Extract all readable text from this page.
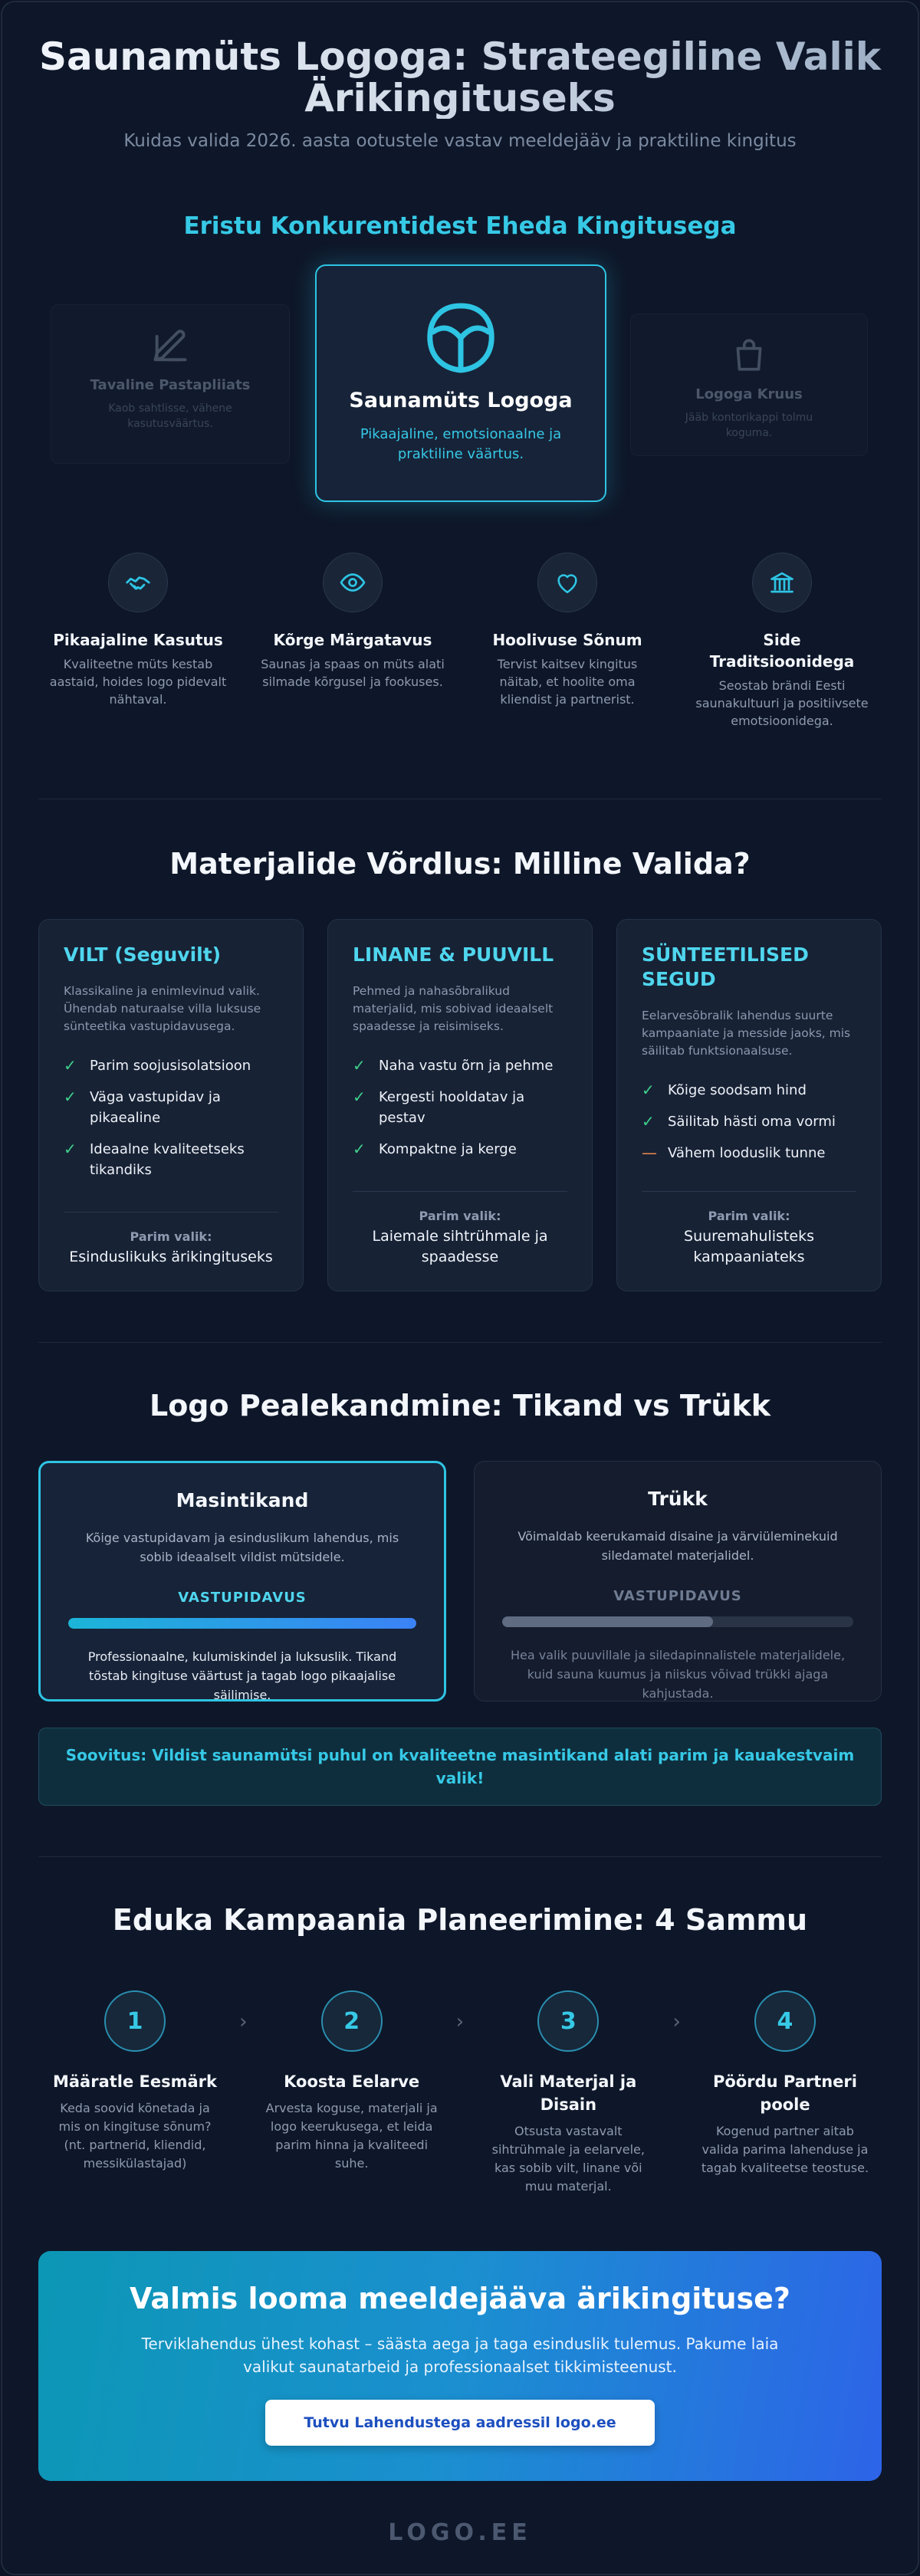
Saunamüts Logoga: Strateegiline Valik Ärikingituseks

Kuidas valida 2026. aasta ootustele vastav meeldejääv ja praktiline kingitus

Eristu Konkurentidest Eheda Kingitusega
Tavaline Pastapliiats
Kaob sahtlisse, vähene kasutusväärtus.
Saunamüts Logoga
Pikaajaline, emotsionaalne ja praktiline väärtus.
Logoga Kruus
Jääb kontorikappi tolmu koguma.
Pikaajaline Kasutus
Kvaliteetne müts kestab aastaid, hoides logo pidevalt nähtaval.
Kõrge Märgatavus
Saunas ja spaas on müts alati silmade kõrgusel ja fookuses.
Hoolivuse Sõnum
Tervist kaitsev kingitus näitab, et hoolite oma kliendist ja partnerist.
Side Traditsioonidega
Seostab brändi Eesti saunakultuuri ja positiivsete emotsioonidega.
Materjalide Võrdlus: Milline Valida?
VILT (Seguvilt)
Klassikaline ja enimlevinud valik. Ühendab naturaalse villa luksuse sünteetika vastupidavusega.
✓ Parim soojusisolatsioon
✓ Väga vastupidav ja pikaealine
✓ Ideaalne kvaliteetseks tikandiks
Parim valik:
Esinduslikuks ärikingituseks
LINANE & PUUVILL
Pehmed ja nahasõbralikud materjalid, mis sobivad ideaalselt spaadesse ja reisimiseks.
✓ Naha vastu õrn ja pehme
✓ Kergesti hooldatav ja pestav
✓ Kompaktne ja kerge
Parim valik:
Laiemale sihtrühmale ja spaadesse
SÜNTEETILISED SEGUD
Eelarvesõbralik lahendus suurte kampaaniate ja messide jaoks, mis säilitab funktsionaalsuse.
✓ Kõige soodsam hind
✓ Säilitab hästi oma vormi
— Vähem looduslik tunne
Parim valik:
Suuremahulisteks kampaaniateks
Logo Pealekandmine: Tikand vs Trükk
Masintikand
Kõige vastupidavam ja esinduslikum lahendus, mis sobib ideaalselt vildist mütsidele.
VASTUPIDAVUS
Professionaalne, kulumiskindel ja luksuslik. Tikand tõstab kingituse väärtust ja tagab logo pikaajalise säilimise.
Trükk
Võimaldab keerukamaid disaine ja värviüleminekuid siledamatel materjalidel.
VASTUPIDAVUS
Hea valik puuvillale ja siledapinnalistele materjalidele, kuid sauna kuumus ja niiskus võivad trükki ajaga kahjustada.
Soovitus: Vildist saunamütsi puhul on kvaliteetne masintikand alati parim ja kauakestvaim valik!
Eduka Kampaania Planeerimine: 4 Sammu
1
Määratle Eesmärk
Keda soovid kõnetada ja mis on kingituse sõnum? (nt. partnerid, kliendid, messikülastajad)
›	2
Koosta Eelarve
Arvesta koguse, materjali ja logo keerukusega, et leida parim hinna ja kvaliteedi suhe.
›	3
Vali Materjal ja Disain
Otsusta vastavalt sihtrühmale ja eelarvele, kas sobib vilt, linane või muu materjal.
›	4
Pöördu Partneri poole
Kogenud partner aitab valida parima lahenduse ja tagab kvaliteetse teostuse.
Valmis looma meeldejääva ärikingituse?
Terviklahendus ühest kohast – säästa aega ja taga esinduslik tulemus. Pakume laia valikut saunatarbeid ja professionaalset tikkimisteenust.
Tutvu Lahendustega aadressil logo.ee
LOGO.EE
